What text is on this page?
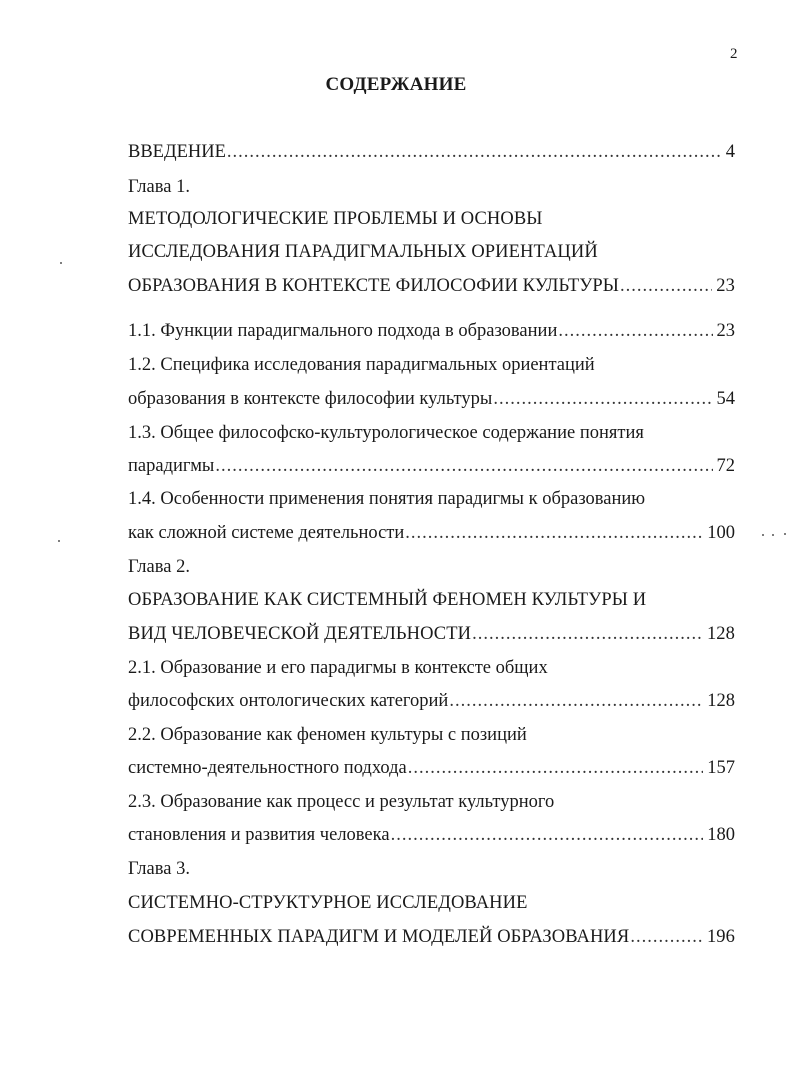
2
СОДЕРЖАНИЕ
ВВЕДЕНИЕ .....	4
Глава 1.
МЕТОДОЛОГИЧЕСКИЕ ПРОБЛЕМЫ И ОСНОВЫ
ИССЛЕДОВАНИЯ ПАРАДИГМАЛЬНЫХ ОРИЕНТАЦИЙ
ОБРАЗОВАНИЯ В КОНТЕКСТЕ ФИЛОСОФИИ КУЛЬТУРЫ .....	23
1.1. Функции парадигмального подхода в образовании .....	23
1.2. Специфика исследования парадигмальных ориентаций
образования в контексте философии культуры .....	54
1.3. Общее философско-культурологическое содержание понятия
парадигмы .....	72
1.4. Особенности применения понятия парадигмы к образованию
как сложной системе деятельности .....	100
Глава 2.
ОБРАЗОВАНИЕ КАК СИСТЕМНЫЙ ФЕНОМЕН КУЛЬТУРЫ И
ВИД ЧЕЛОВЕЧЕСКОЙ ДЕЯТЕЛЬНОСТИ .....	128
2.1. Образование и его парадигмы в контексте общих
философских онтологических категорий .....	128
2.2. Образование как феномен культуры с позиций
системно-деятельностного подхода .....	157
2.3. Образование как процесс и результат культурного
становления и развития человека .....	180
Глава 3.
СИСТЕМНО-СТРУКТУРНОЕ ИССЛЕДОВАНИЕ
СОВРЕМЕННЫХ ПАРАДИГМ И МОДЕЛЕЙ ОБРАЗОВАНИЯ .....	196
